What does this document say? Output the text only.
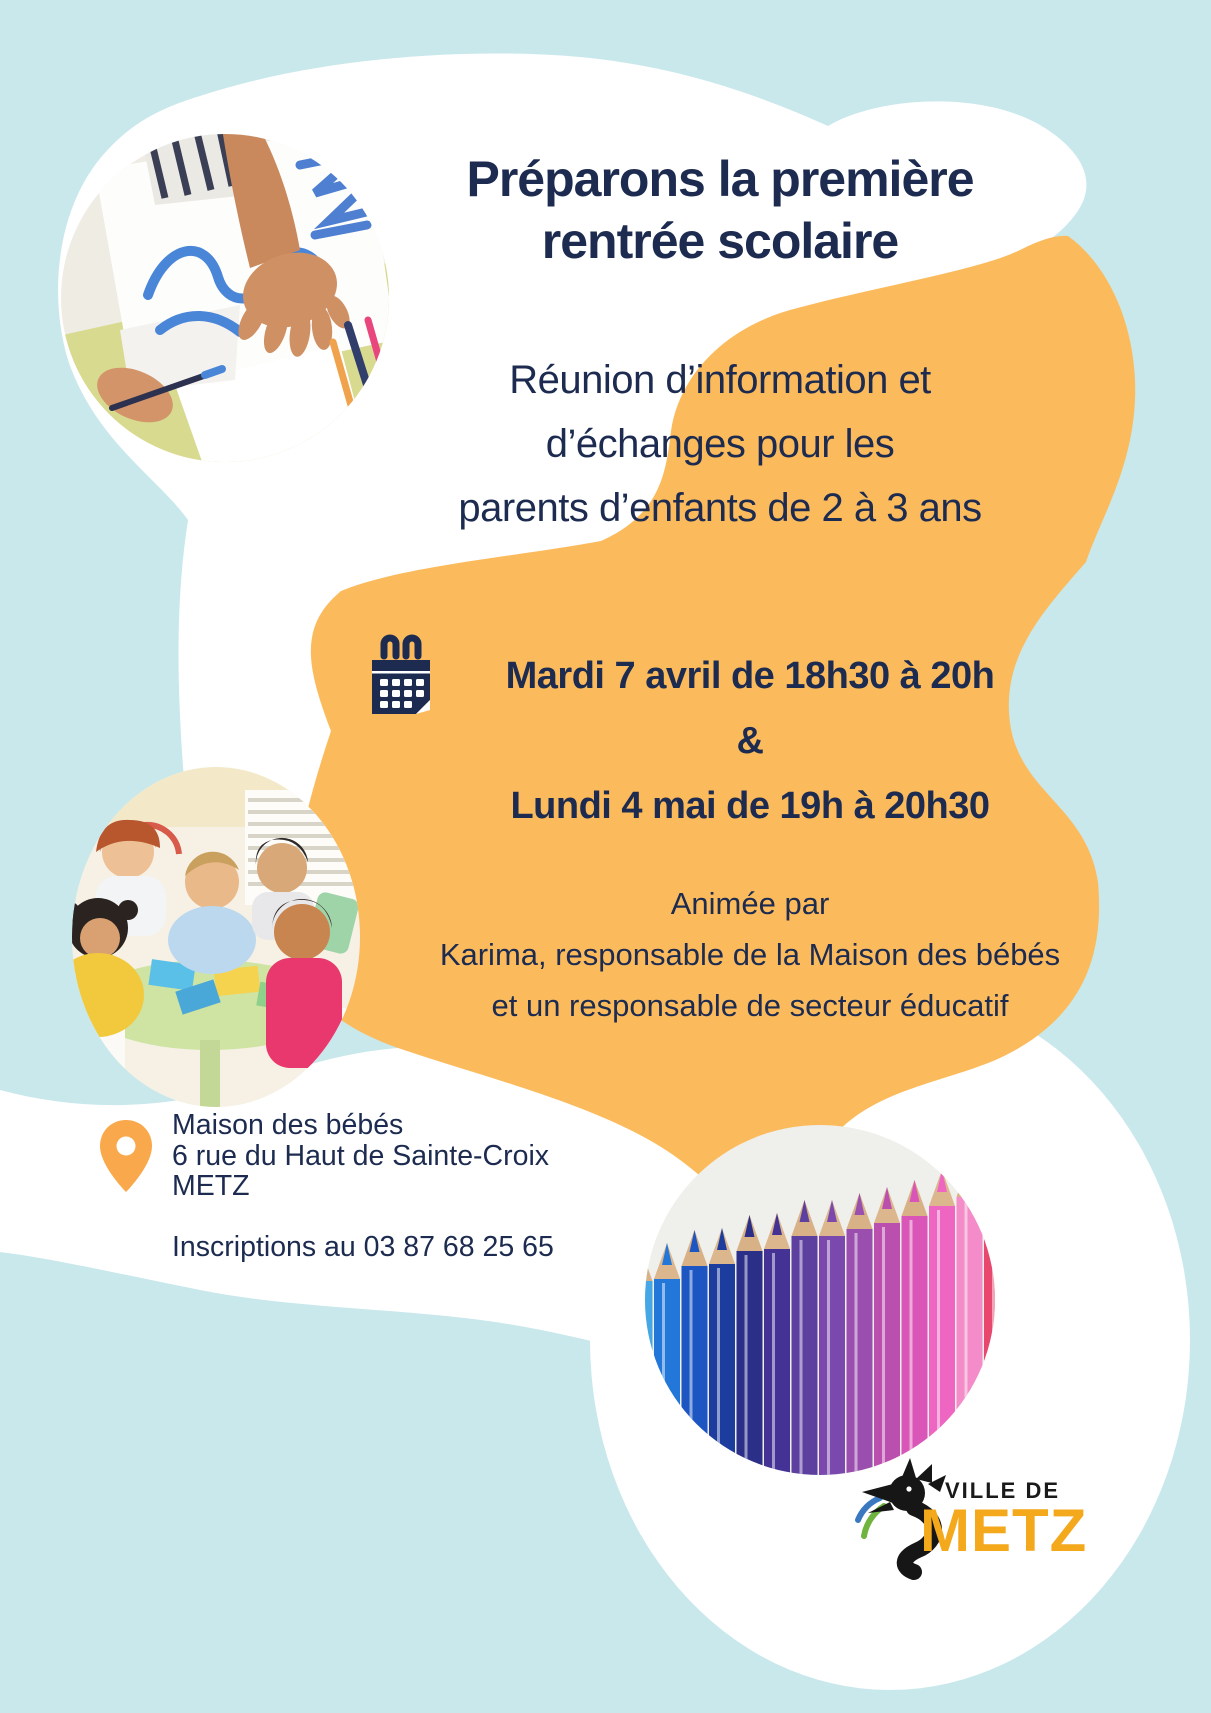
Préparons la première
rentrée scolaire
Réunion d’information et
d’échanges pour les
parents d’enfants de 2 à 3 ans
Mardi 7 avril de 18h30 à 20h
&
Lundi 4 mai de 19h à 20h30
Animée par
Karima, responsable de la Maison des bébés
et un responsable de secteur éducatif
Maison des bébés
6 rue du Haut de Sainte-Croix
METZ
Inscriptions au 03 87 68 25 65
VILLE DE
METZ
